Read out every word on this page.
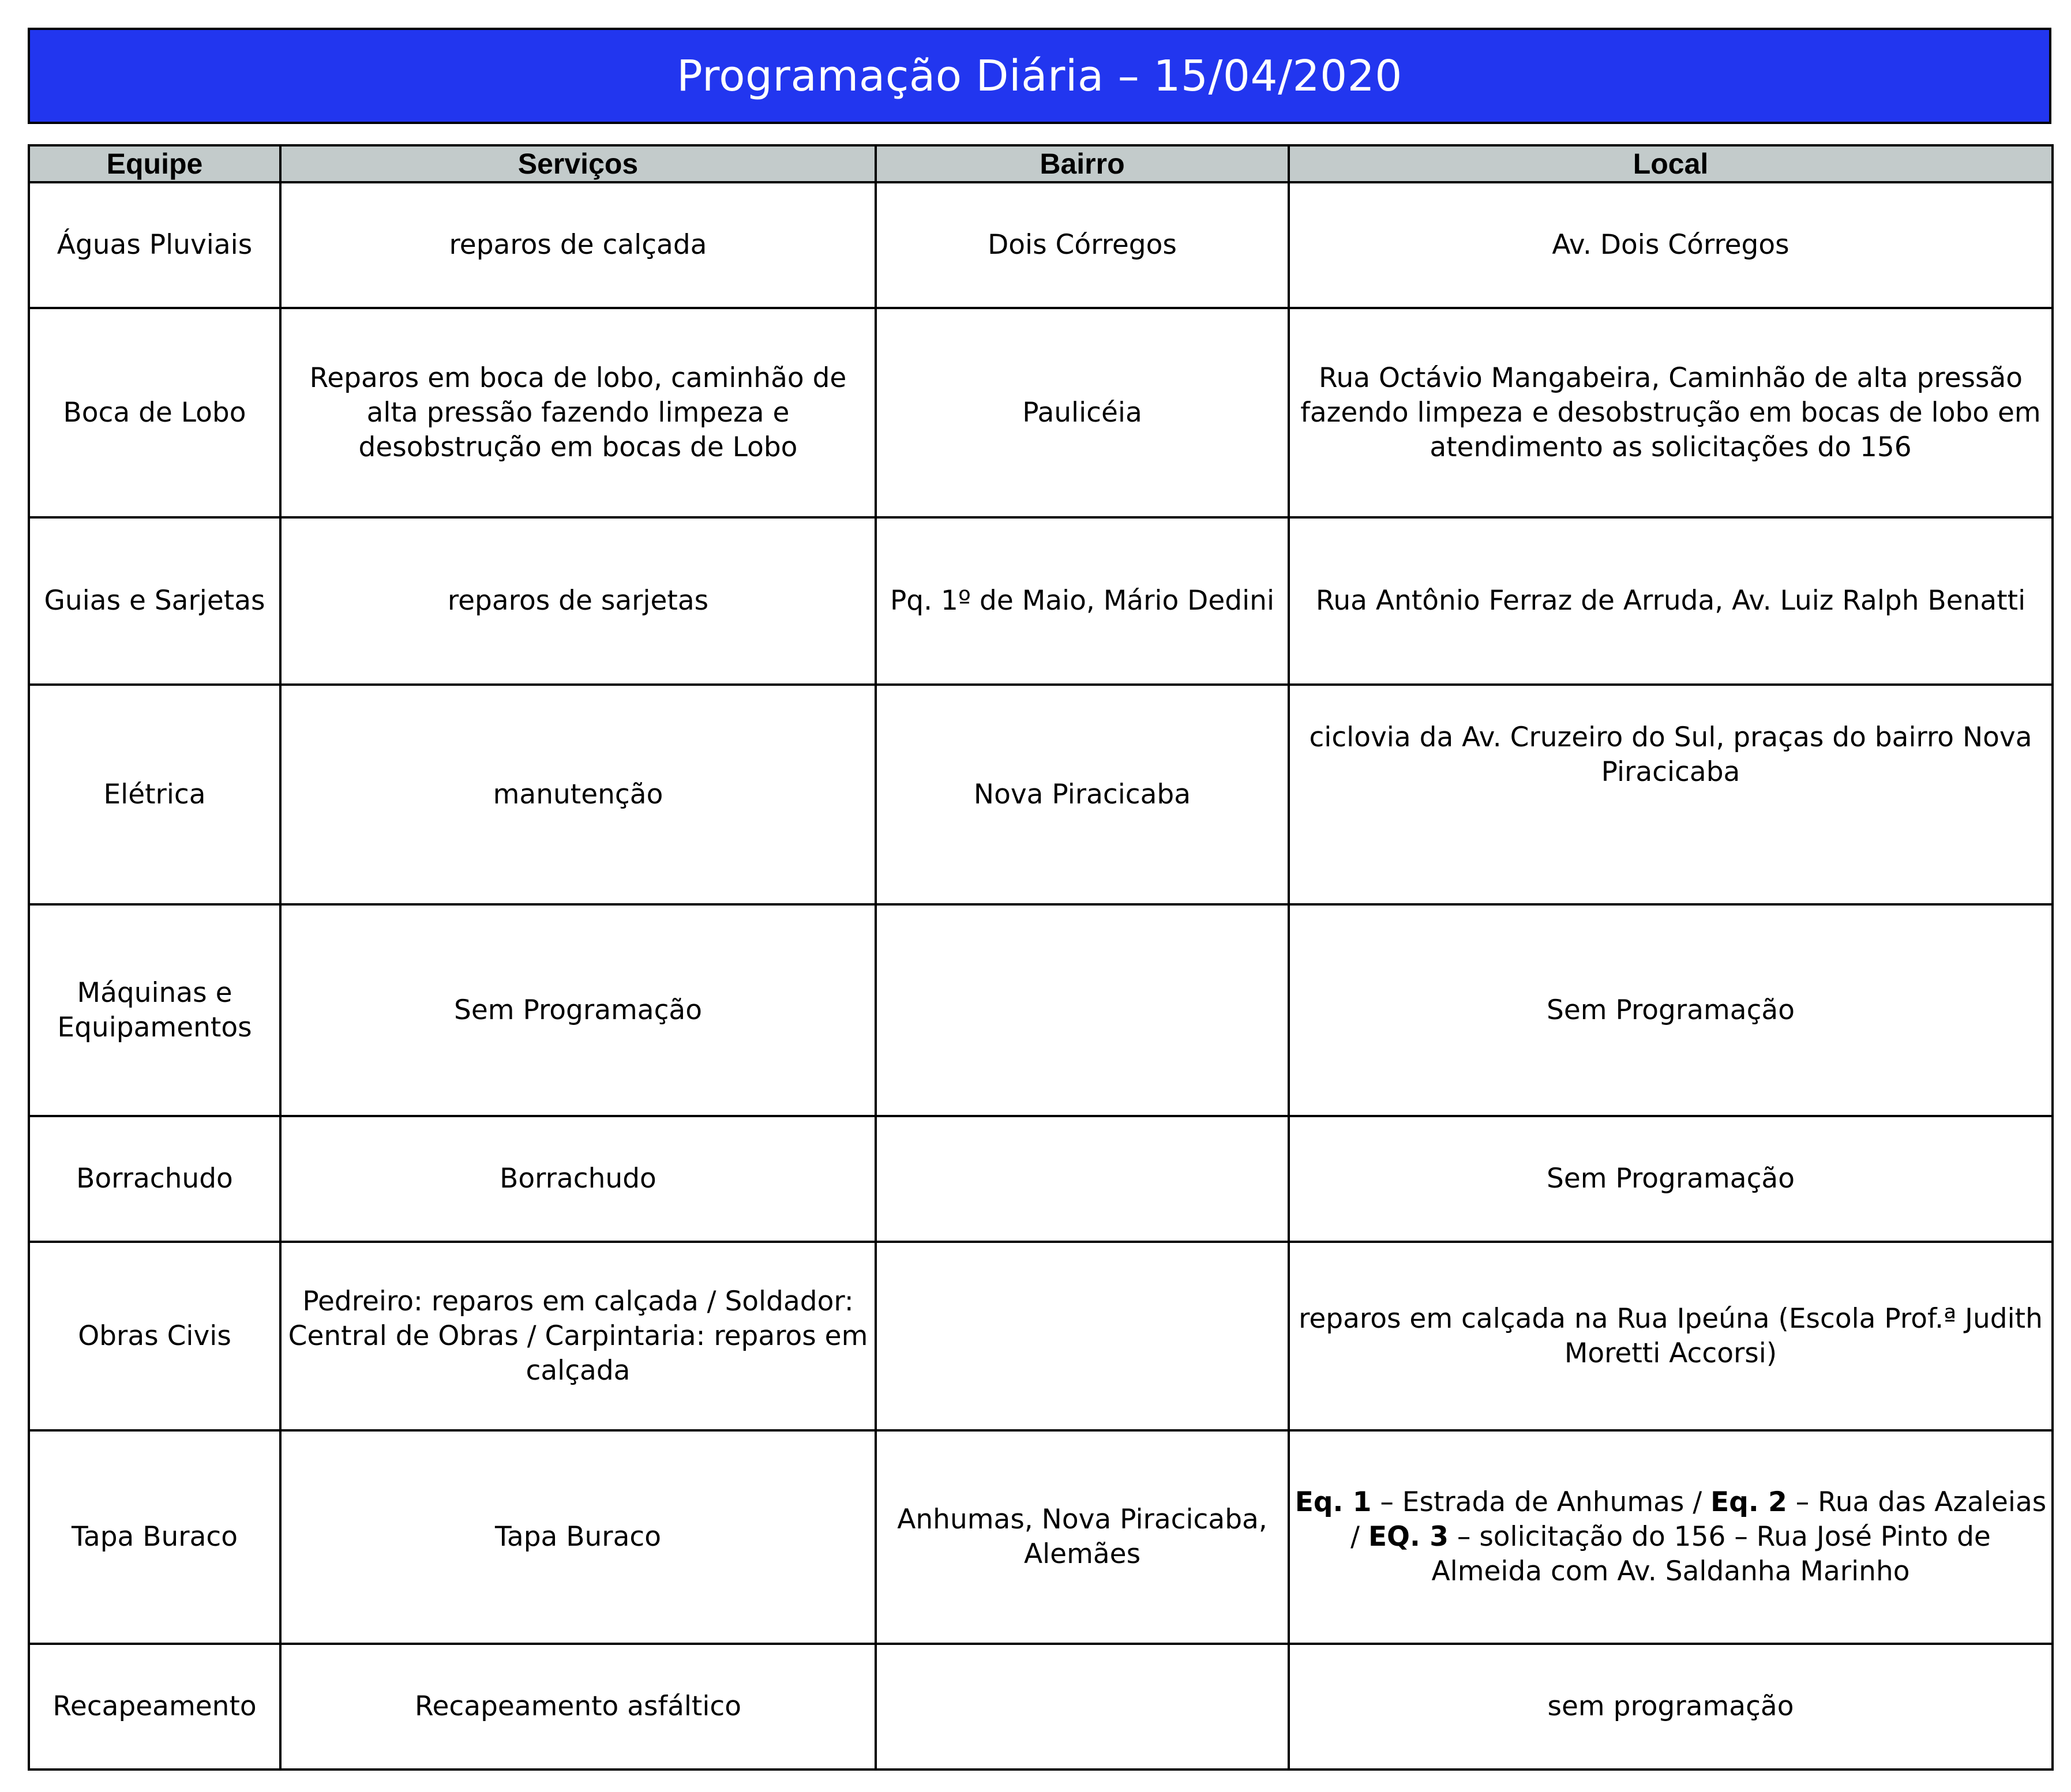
Programação Diária – 15/04/2020
Equipe	Serviços	Bairro	Local
Águas Pluviais	reparos de calçada	Dois Córregos	Av. Dois Córregos
Boca de Lobo	Reparos em boca de lobo, caminhão de alta pressão fazendo limpeza e desobstrução em bocas de Lobo	Paulicéia	Rua Octávio Mangabeira, Caminhão de alta pressão fazendo limpeza e desobstrução em bocas de lobo em atendimento as solicitações do 156
Guias e Sarjetas	reparos de sarjetas	Pq. 1º de Maio, Mário Dedini	Rua Antônio Ferraz de Arruda, Av. Luiz Ralph Benatti
Elétrica	manutenção	Nova Piracicaba	ciclovia da Av. Cruzeiro do Sul, praças do bairro Nova Piracicaba
Máquinas e Equipamentos	Sem Programação		Sem Programação
Borrachudo	Borrachudo		Sem Programação
Obras Civis	Pedreiro: reparos em calçada / Soldador: Central de Obras / Carpintaria: reparos em calçada		reparos em calçada na Rua Ipeúna (Escola Prof.ª Judith Moretti Accorsi)
Tapa Buraco	Tapa Buraco	Anhumas, Nova Piracicaba, Alemães	Eq. 1 – Estrada de Anhumas / Eq. 2 – Rua das Azaleias / EQ. 3 – solicitação do 156 – Rua José Pinto de Almeida com Av. Saldanha Marinho
Recapeamento	Recapeamento asfáltico		sem programação
